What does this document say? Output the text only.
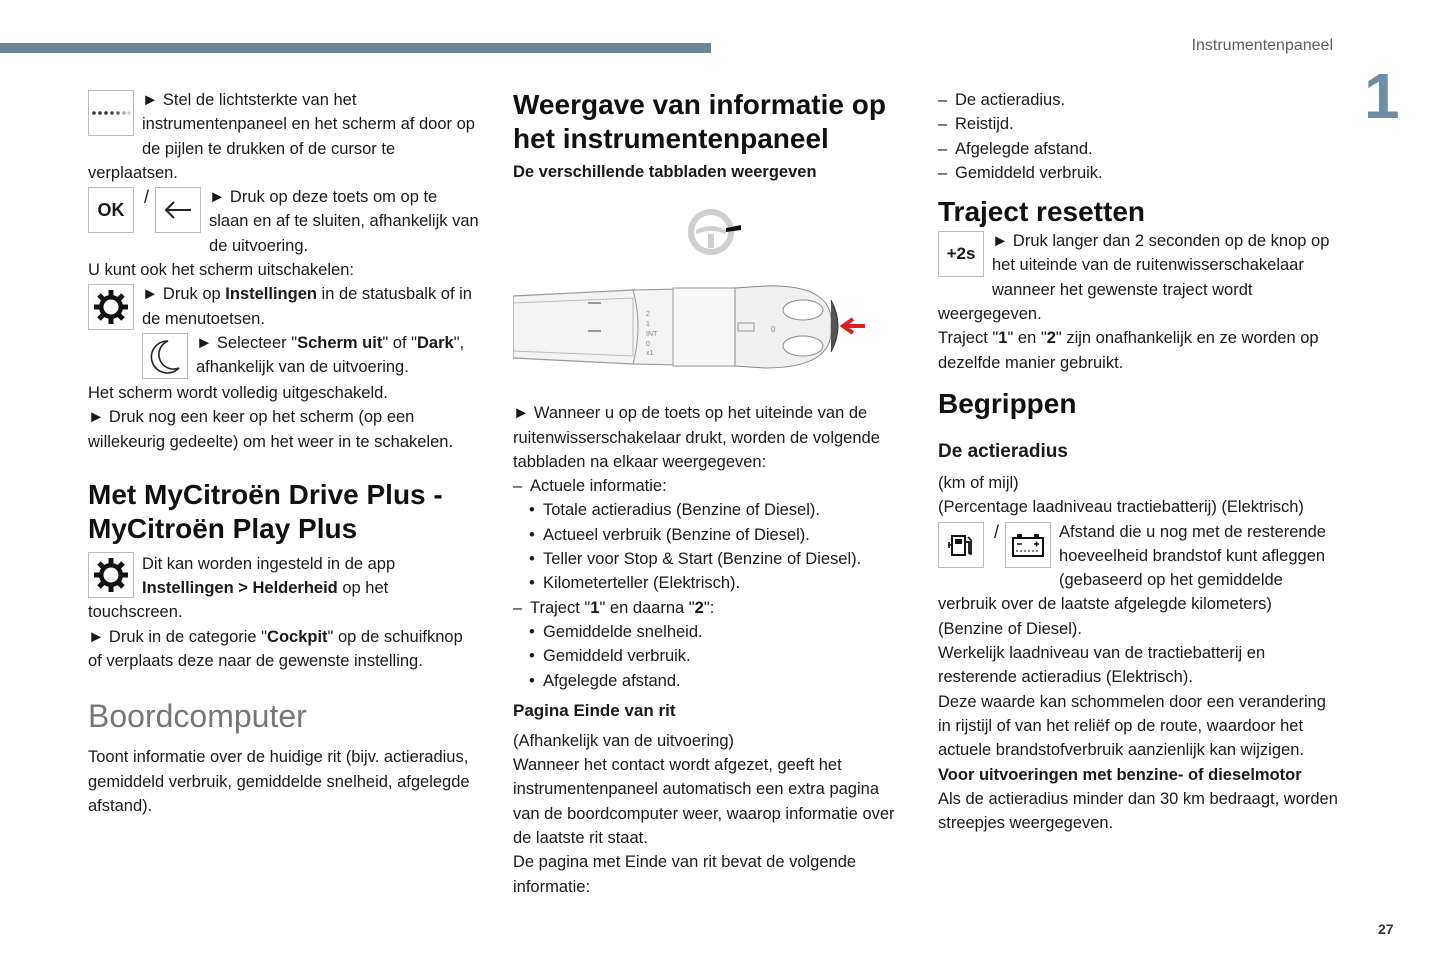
Instrumentenpaneel
1
27

► Stel de lichtsterkte van het instrumentenpaneel en het scherm af door op de pijlen te drukken of de cursor te verplaatsen.

OK
/	► Druk op deze toets om op te slaan en af te sluiten, afhankelijk van de uitvoering.

U kunt ook het scherm uitschakelen:

► Druk op Instellingen in de statusbalk of in de menutoetsen.

► Selecteer "Scherm uit" of "Dark", afhankelijk van de uitvoering.

Het scherm wordt volledig uitgeschakeld.

► Druk nog een keer op het scherm (op een willekeurig gedeelte) om het weer in te schakelen.

Met MyCitroën Drive Plus - MyCitroën Play Plus

Dit kan worden ingesteld in de app Instellingen > Helderheid op het touchscreen.

► Druk in de categorie "Cockpit" op de schuifknop of verplaats deze naar de gewenste instelling.

Boordcomputer

Toont informatie over de huidige rit (bijv. actieradius, gemiddeld verbruik, gemiddelde snelheid, afgelegde afstand).

Weergave van informatie op het instrumentenpaneel
De verschillende tabbladen weergeven
2
1
INT
0
x1
0

► Wanneer u op de toets op het uiteinde van de ruitenwisserschakelaar drukt, worden de volgende tabbladen na elkaar weergegeven:

– Actuele informatie:
• Totale actieradius (Benzine of Diesel).
• Actueel verbruik (Benzine of Diesel).
• Teller voor Stop & Start (Benzine of Diesel).
• Kilometerteller (Elektrisch).
– Traject "1" en daarna "2":
• Gemiddelde snelheid.
• Gemiddeld verbruik.
• Afgelegde afstand.
Pagina Einde van rit

(Afhankelijk van de uitvoering)

Wanneer het contact wordt afgezet, geeft het instrumentenpaneel automatisch een extra pagina van de boordcomputer weer, waarop informatie over de laatste rit staat.

De pagina met Einde van rit bevat de volgende informatie:

– De actieradius.
– Reistijd.
– Afgelegde afstand.
– Gemiddeld verbruik.
Traject resetten
+2s

► Druk langer dan 2 seconden op de knop op het uiteinde van de ruitenwisserschakelaar wanneer het gewenste traject wordt weergegeven.

Traject "1" en "2" zijn onafhankelijk en ze worden op dezelfde manier gebruikt.

Begrippen
De actieradius

(km of mijl)

(Percentage laadniveau tractiebatterij) (Elektrisch)

/	Afstand die u nog met de resterende hoeveelheid brandstof kunt afleggen (gebaseerd op het gemiddelde verbruik over de laatste afgelegde kilometers) (Benzine of Diesel).

Werkelijk laadniveau van de tractiebatterij en resterende actieradius (Elektrisch).

Deze waarde kan schommelen door een verandering in rijstijl of van het reliëf op de route, waardoor het actuele brandstofverbruik aanzienlijk kan wijzigen.

Voor uitvoeringen met benzine- of dieselmotor

Als de actieradius minder dan 30 km bedraagt, worden streepjes weergegeven.
